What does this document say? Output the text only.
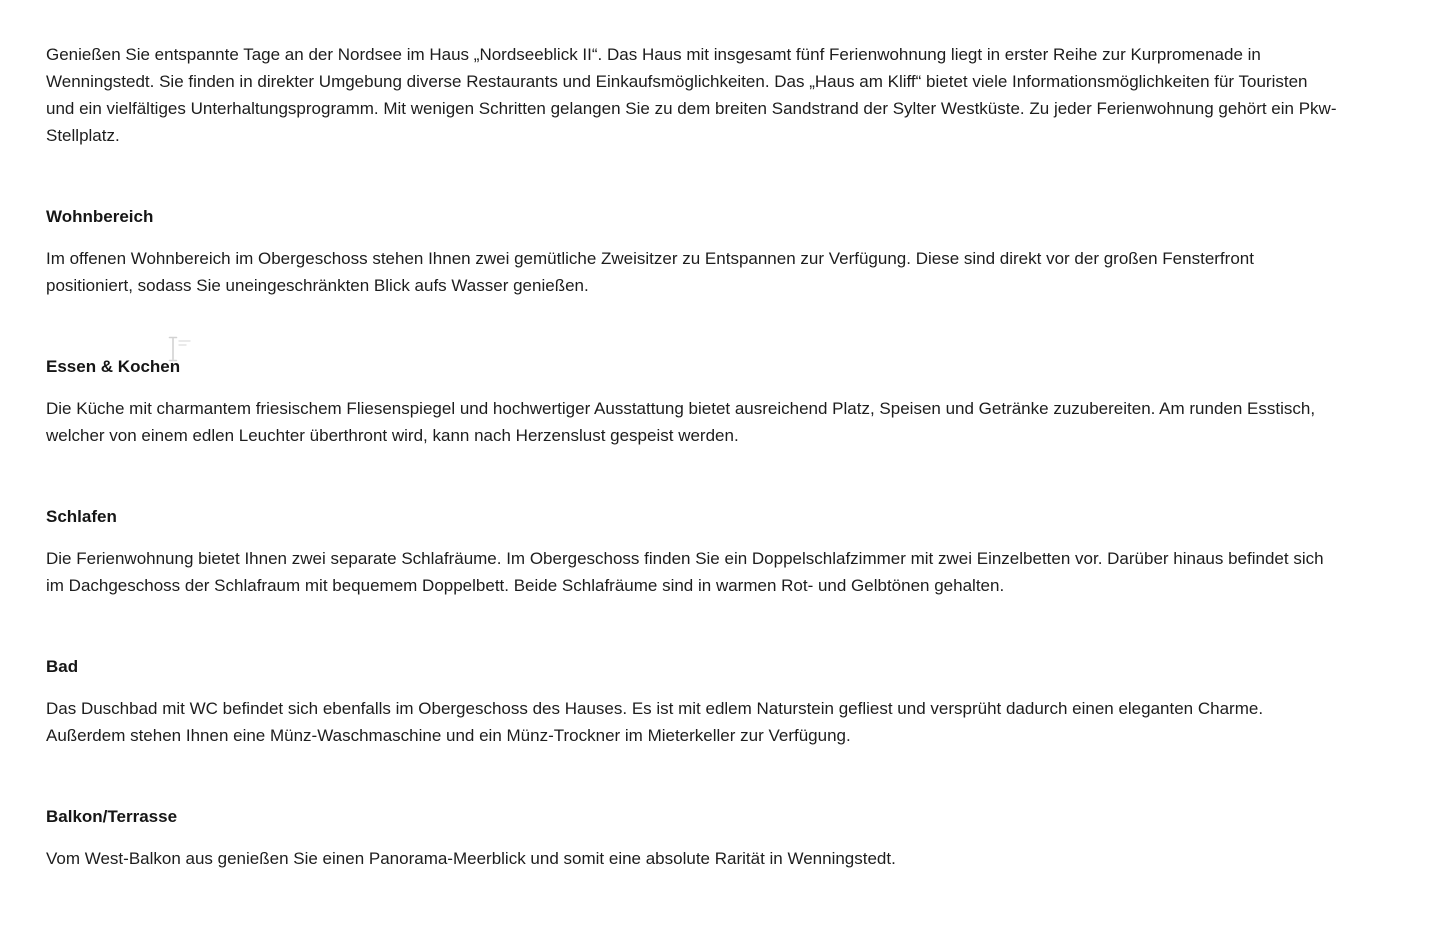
Genießen Sie entspannte Tage an der Nordsee im Haus „Nordseeblick II“. Das Haus mit insgesamt fünf Ferienwohnung liegt in erster Reihe zur Kurpromenade in Wenningstedt. Sie finden in direkter Umgebung diverse Restaurants und Einkaufsmöglichkeiten. Das „Haus am Kliff“ bietet viele Informationsmöglichkeiten für Touristen und ein vielfältiges Unterhaltungsprogramm. Mit wenigen Schritten gelangen Sie zu dem breiten Sandstrand der Sylter Westküste. Zu jeder Ferienwohnung gehört ein Pkw-Stellplatz.

Wohnbereich

Im offenen Wohnbereich im Obergeschoss stehen Ihnen zwei gemütliche Zweisitzer zu Entspannen zur Verfügung. Diese sind direkt vor der großen Fensterfront positioniert, sodass Sie uneingeschränkten Blick aufs Wasser genießen.

Essen & Kochen

Die Küche mit charmantem friesischem Fliesenspiegel und hochwertiger Ausstattung bietet ausreichend Platz, Speisen und Getränke zuzubereiten. Am runden Esstisch, welcher von einem edlen Leuchter überthront wird, kann nach Herzenslust gespeist werden.

Schlafen

Die Ferienwohnung bietet Ihnen zwei separate Schlafräume. Im Obergeschoss finden Sie ein Doppelschlafzimmer mit zwei Einzelbetten vor. Darüber hinaus befindet sich im Dachgeschoss der Schlafraum mit bequemem Doppelbett. Beide Schlafräume sind in warmen Rot- und Gelbtönen gehalten.

Bad

Das Duschbad mit WC befindet sich ebenfalls im Obergeschoss des Hauses. Es ist mit edlem Naturstein gefliest und versprüht dadurch einen eleganten Charme. Außerdem stehen Ihnen eine Münz-Waschmaschine und ein Münz-Trockner im Mieterkeller zur Verfügung.

Balkon/Terrasse

Vom West-Balkon aus genießen Sie einen Panorama-Meerblick und somit eine absolute Rarität in Wenningstedt.
